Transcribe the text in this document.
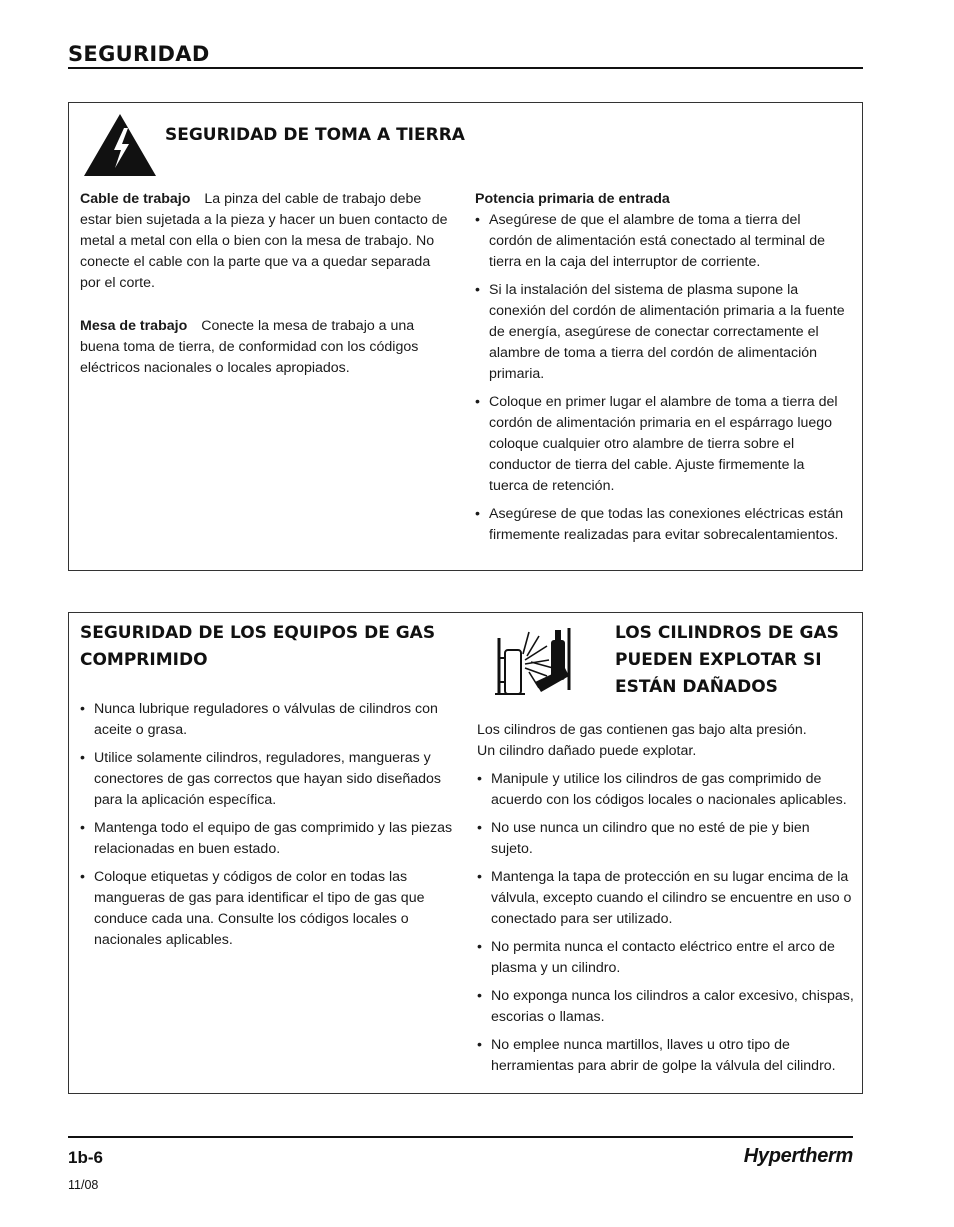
SEGURIDAD
SEGURIDAD DE TOMA A TIERRA

Cable de trabajo La pinza del cable de trabajo debe estar bien sujetada a la pieza y hacer un buen contacto de metal a metal con ella o bien con la mesa de trabajo. No conecte el cable con la parte que va a quedar separada por el corte.

Mesa de trabajo Conecte la mesa de trabajo a una buena toma de tierra, de conformidad con los códigos eléctricos nacionales o locales apropiados.

Potencia primaria de entrada

• Asegúrese de que el alambre de toma a tierra del cordón de alimentación está conectado al terminal de tierra en la caja del interruptor de corriente.
• Si la instalación del sistema de plasma supone la conexión del cordón de alimentación primaria a la fuente de energía, asegúrese de conectar correctamente el alambre de toma a tierra del cordón de alimentación primaria.
• Coloque en primer lugar el alambre de toma a tierra del cordón de alimentación primaria en el espárrago luego coloque cualquier otro alambre de tierra sobre el conductor de tierra del cable. Ajuste firmemente la tuerca de retención.
• Asegúrese de que todas las conexiones eléctricas están firmemente realizadas para evitar sobrecalentamientos.
SEGURIDAD DE LOS EQUIPOS DE GAS
COMPRIMIDO
• Nunca lubrique reguladores o válvulas de cilindros con aceite o grasa.
• Utilice solamente cilindros, reguladores, mangueras y conectores de gas correctos que hayan sido diseñados para la aplicación específica.
• Mantenga todo el equipo de gas comprimido y las piezas relacionadas en buen estado.
• Coloque etiquetas y códigos de color en todas las mangueras de gas para identificar el tipo de gas que conduce cada una. Consulte los códigos locales o nacionales aplicables.
LOS CILINDROS DE GAS
PUEDEN EXPLOTAR SI
ESTÁN DAÑADOS
Los cilindros de gas contienen gas bajo alta presión. Un cilindro dañado puede explotar.
• Manipule y utilice los cilindros de gas comprimido de acuerdo con los códigos locales o nacionales aplicables.
• No use nunca un cilindro que no esté de pie y bien sujeto.
• Mantenga la tapa de protección en su lugar encima de la válvula, excepto cuando el cilindro se encuentre en uso o conectado para ser utilizado.
• No permita nunca el contacto eléctrico entre el arco de plasma y un cilindro.
• No exponga nunca los cilindros a calor excesivo, chispas, escorias o llamas.
• No emplee nunca martillos, llaves u otro tipo de herramientas para abrir de golpe la válvula del cilindro.
1b-6
11/08
Hypertherm
